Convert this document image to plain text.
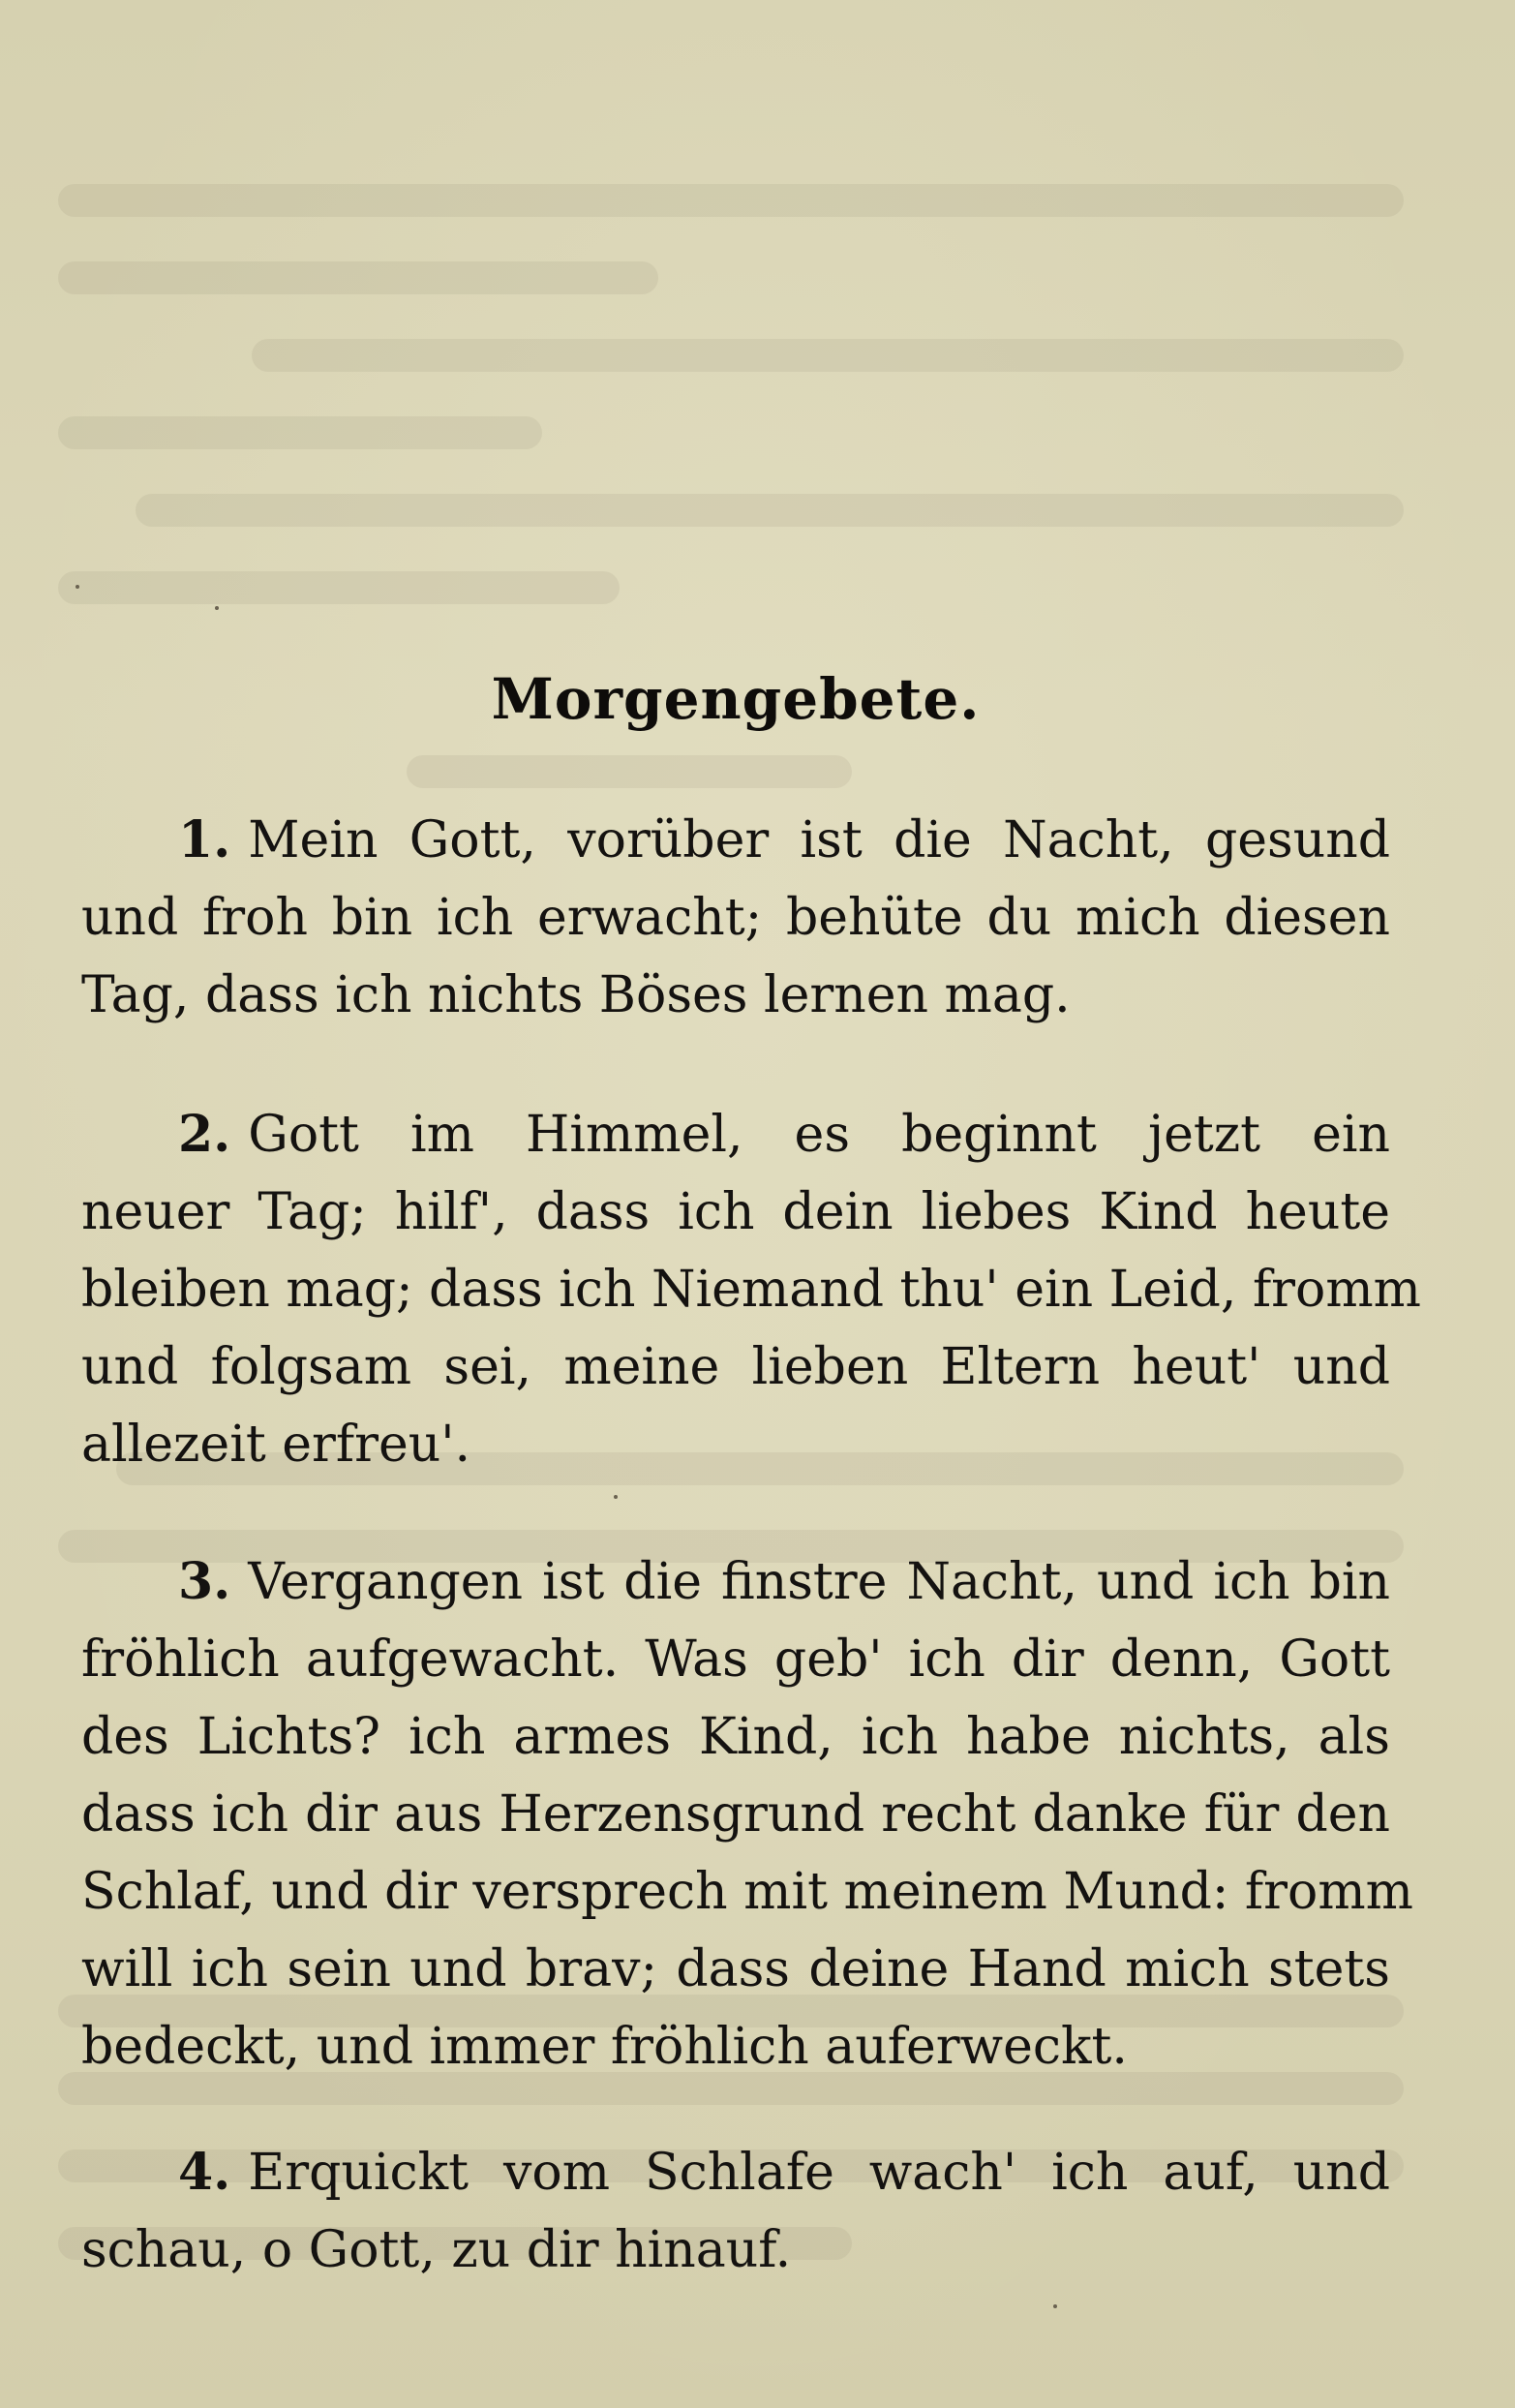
Morgengebete.
1. Mein Gott, vorüber ist die Nacht, gesund
und froh bin ich erwacht; behüte du mich diesen
Tag, dass ich nichts Böses lernen mag.
2. Gott im Himmel, es beginnt jetzt ein
neuer Tag; hilf', dass ich dein liebes Kind heute
bleiben mag; dass ich Niemand thu' ein Leid, fromm
und folgsam sei, meine lieben Eltern heut' und
allezeit erfreu'.
3. Vergangen ist die finstre Nacht, und ich bin
fröhlich aufgewacht. Was geb' ich dir denn, Gott
des Lichts? ich armes Kind, ich habe nichts, als
dass ich dir aus Herzensgrund recht danke für den
Schlaf, und dir versprech mit meinem Mund: fromm
will ich sein und brav; dass deine Hand mich stets
bedeckt, und immer fröhlich auferweckt.
4. Erquickt vom Schlafe wach' ich auf, und
schau, o Gott, zu dir hinauf.
